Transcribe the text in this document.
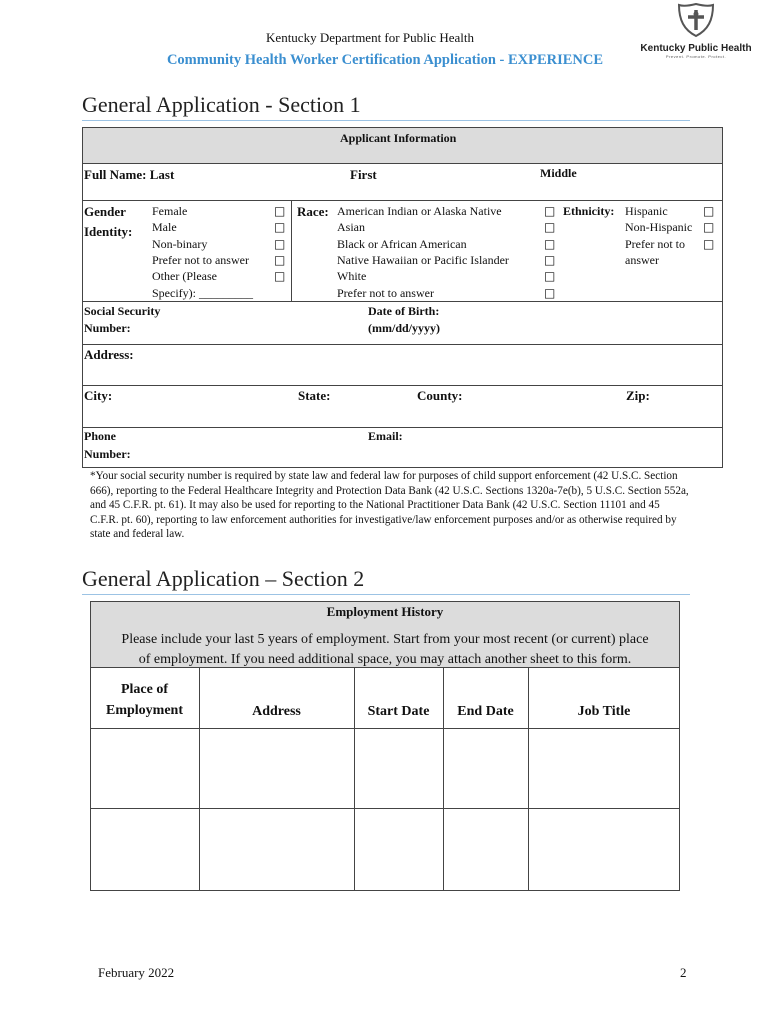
Kentucky Department for Public Health
Community Health Worker Certification Application - EXPERIENCE
Kentucky Public Health
Prevent. Promote. Protect.
General Application - Section 1
Applicant Information
Full Name: Last	First	Middle
Gender
Identity:
Female	□
Male	□
Non-binary	□
Prefer not to answer □
Other (Please	□
Specify): _________
Race: American Indian or Alaska Native	□
Asian	□
Black or African American	□
Native Hawaiian or Pacific Islander	□
White	□
Prefer not to answer	□
Ethnicity: Hispanic	□
Non-Hispanic □
Prefer not to □
answer
Social Security
Number:
Date of Birth:
(mm/dd/yyyy)
Address:
City:	State:	County:	Zip:
Phone
Number:
Email:
*Your social security number is required by state law and federal law for purposes of child support enforcement (42 U.S.C. Section 666), reporting to the Federal Healthcare Integrity and Protection Data Bank (42 U.S.C. Sections 1320a-7e(b), 5 U.S.C. Section 552a, and 45 C.F.R. pt. 61). It may also be used for reporting to the National Practitioner Data Bank (42 U.S.C. Section 11101 and 45 C.F.R. pt. 60), reporting to law enforcement authorities for investigative/law enforcement purposes and/or as otherwise required by state and federal law.
General Application – Section 2
Employment History
Please include your last 5 years of employment. Start from your most recent (or current) place
of employment. If you need additional space, you may attach another sheet to this form.
Place of
Employment	Address	Start Date	End Date	Job Title
February 2022	2
